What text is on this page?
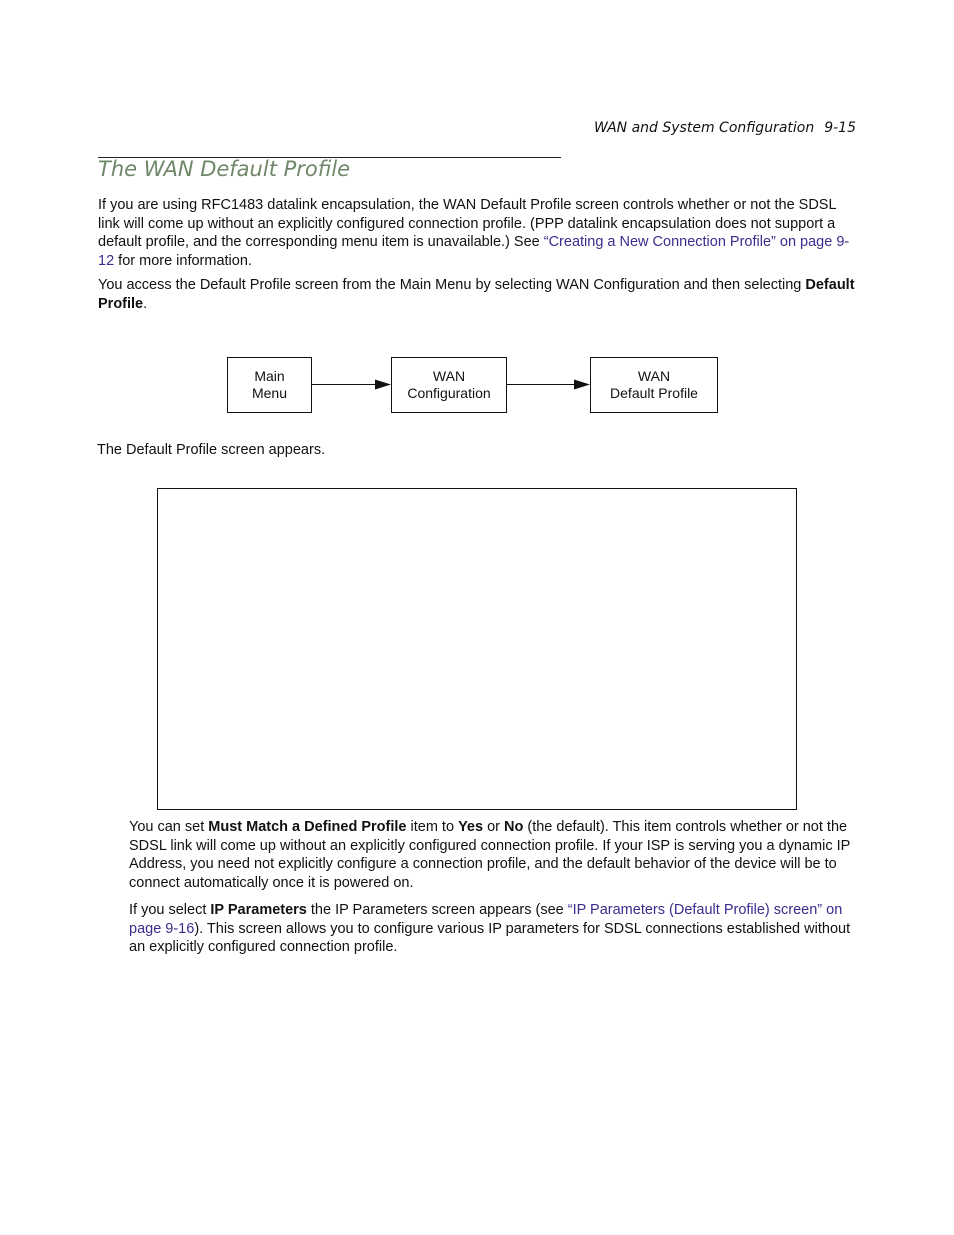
WAN and System Configuration 9-15
The WAN Default Profile

If you are using RFC1483 datalink encapsulation, the WAN Default Profile screen controls whether or not the SDSL link will come up without an explicitly configured connection profile. (PPP datalink encapsulation does not support a default profile, and the corresponding menu item is unavailable.) See “Creating a New Connection Profile” on page 9-12 for more information.

You access the Default Profile screen from the Main Menu by selecting WAN Configuration and then selecting Default Profile.

Main
Menu
WAN
Configuration
WAN
Default Profile

The Default Profile screen appears.

You can set Must Match a Defined Profile item to Yes or No (the default). This item controls whether or not the SDSL link will come up without an explicitly configured connection profile. If your ISP is serving you a dynamic IP Address, you need not explicitly configure a connection profile, and the default behavior of the device will be to connect automatically once it is powered on.

If you select IP Parameters the IP Parameters screen appears (see “IP Parameters (Default Profile) screen” on page 9-16). This screen allows you to configure various IP parameters for SDSL connections established without an explicitly configured connection profile.
